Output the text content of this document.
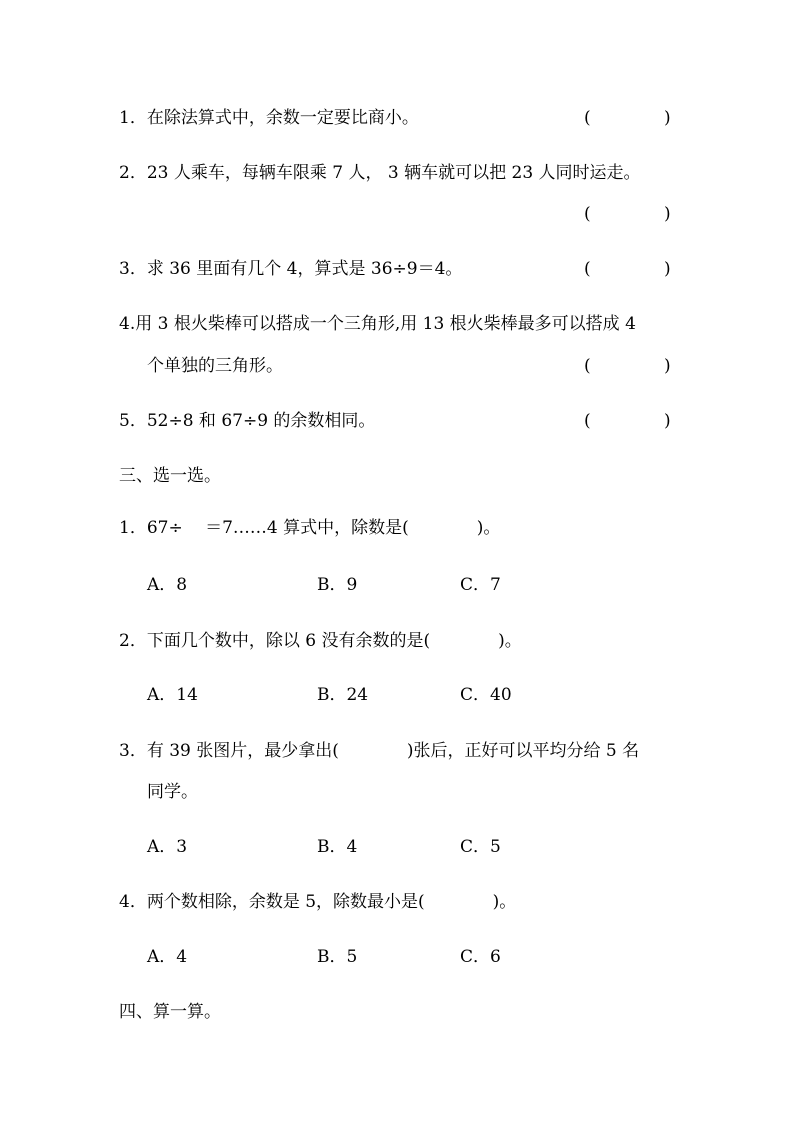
1．在除法算式中，余数一定要比商小。	(	)
2．23 人乘车，每辆车限乘 7 人， 3 辆车就可以把 23 人同时运走。
(	)
3．求 36 里面有几个 4，算式是 36÷9＝4。	(	)
4.用 3 根火柴棒可以搭成一个三角形,用 13 根火柴棒最多可以搭成 4
个单独的三角形。	(	)
5．52÷8 和 67÷9 的余数相同。	(	)
三、选一选。
1．67÷　 ＝7……4 算式中，除数是(　　　　)。
A．8	B．9	C．7
2．下面几个数中，除以 6 没有余数的是(　　　　)。
A．14	B．24	C．40
3．有 39 张图片，最少拿出(　　　　)张后，正好可以平均分给 5 名
同学。
A．3	B．4	C．5
4．两个数相除，余数是 5，除数最小是(　　　　)。
A．4	B．5	C．6
四、算一算。
